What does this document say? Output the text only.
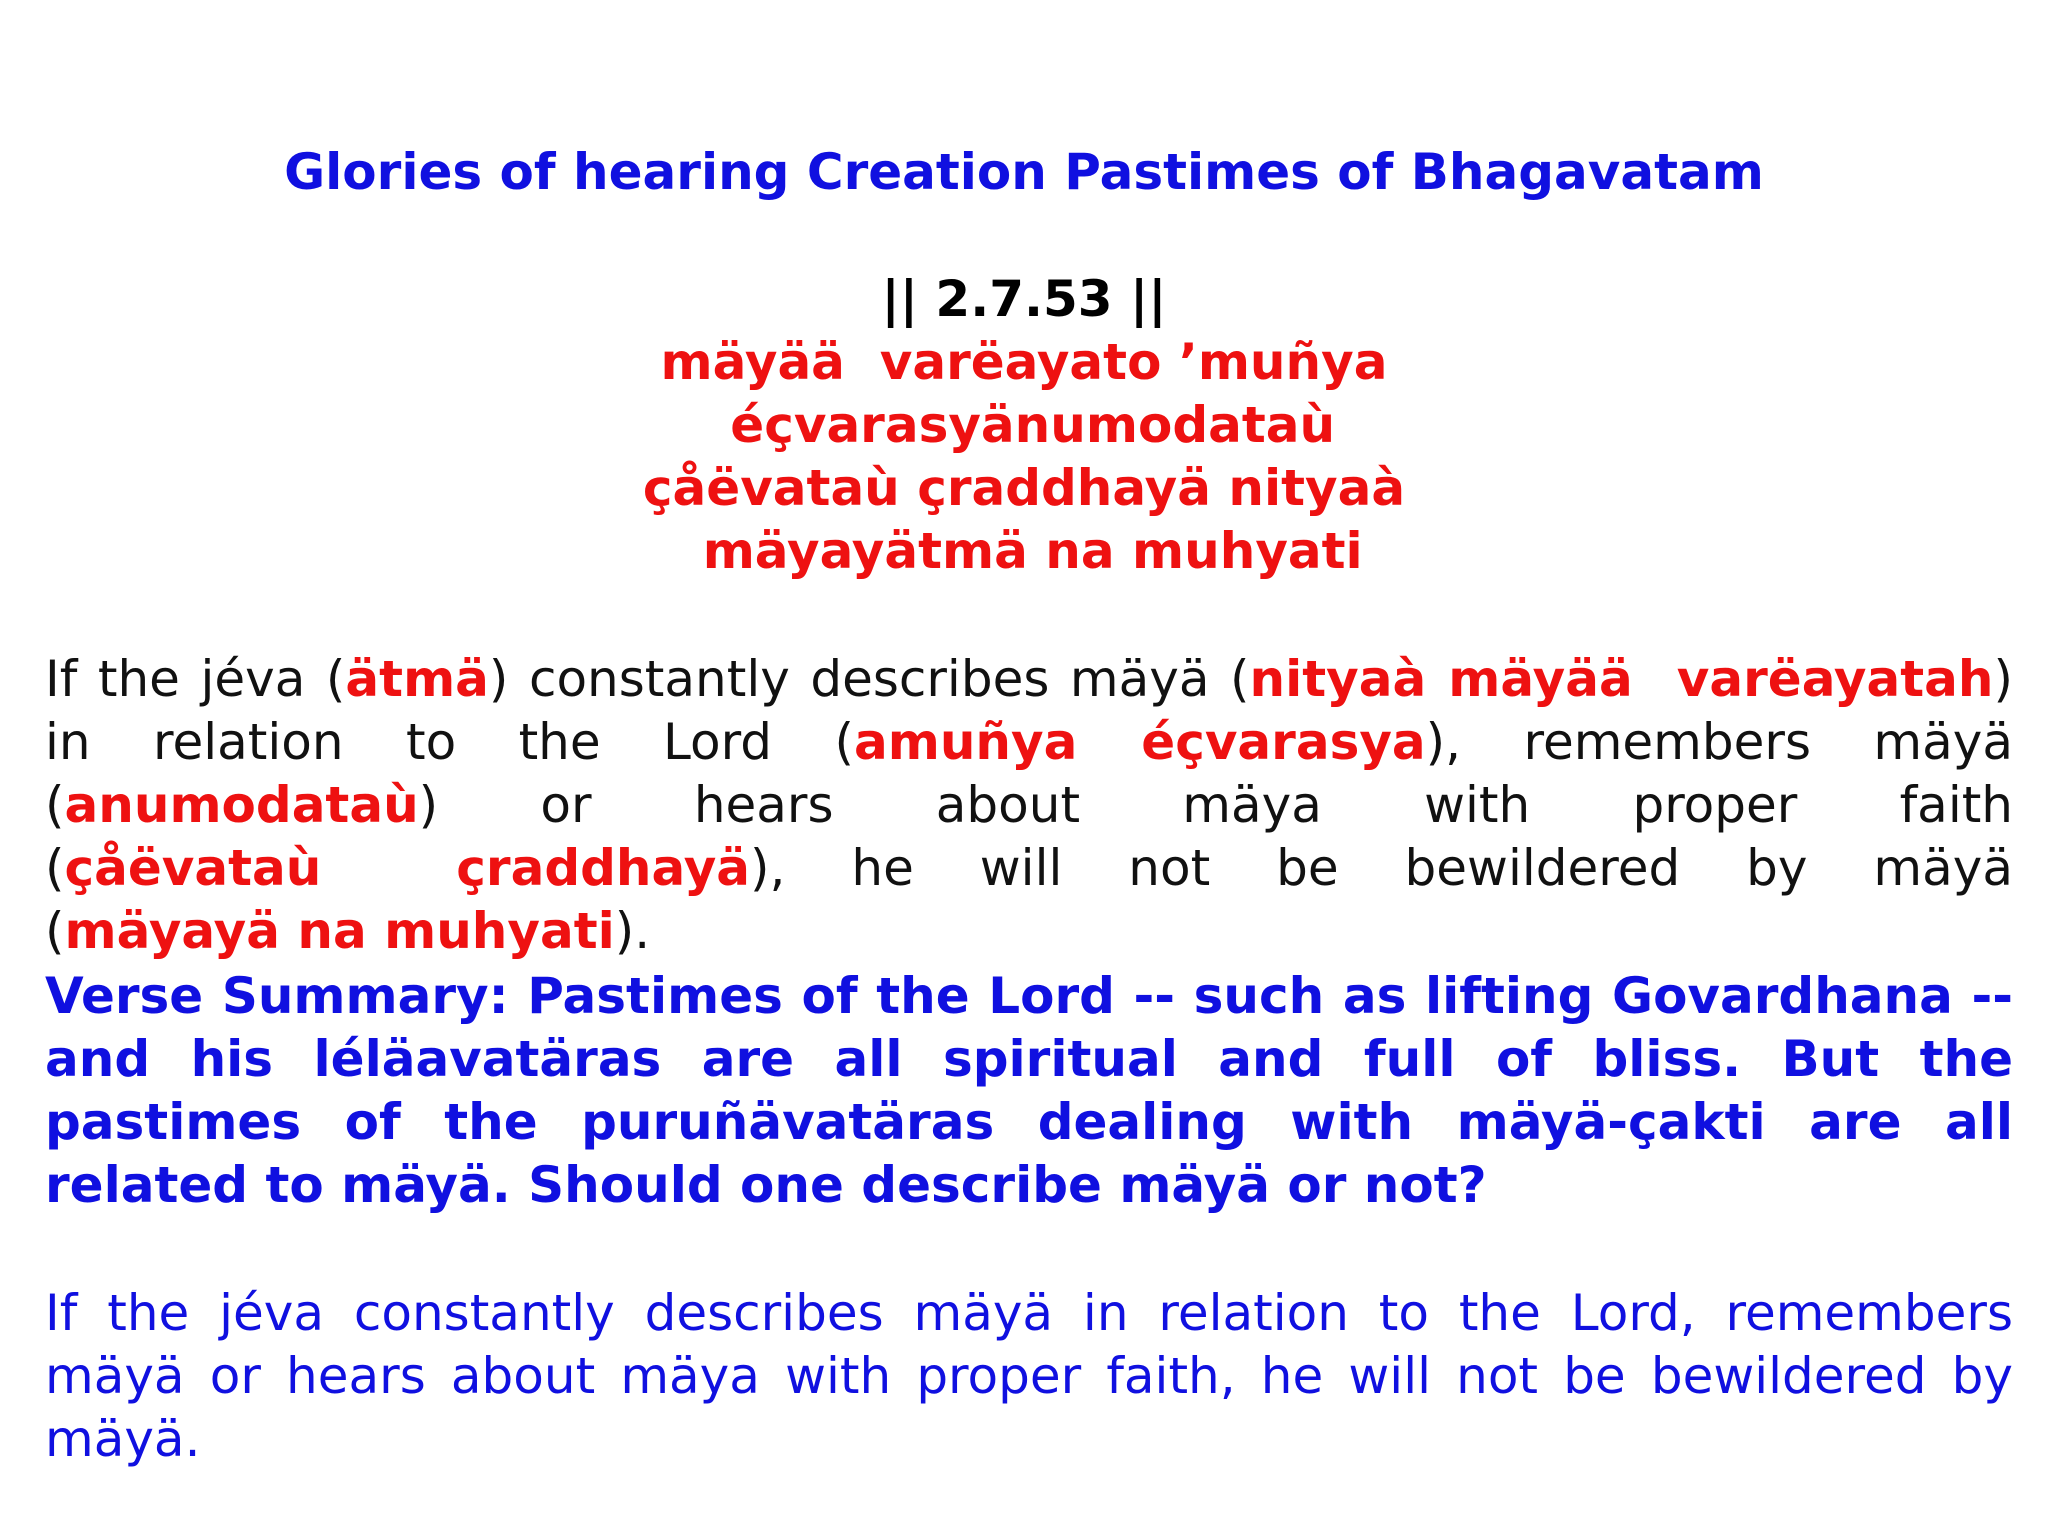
Glories of hearing Creation Pastimes of Bhagavatam
|| 2.7.53 ||
mäyää  varëayato ’muñya
éçvarasyänumodataù
çåëvataù çraddhayä nityaà
mäyayätmä na muhyati
If the jéva (ätmä) constantly describes mäyä (nityaà mäyää  varëayatah) in relation to the Lord (amuñya éçvarasya), remembers mäyä (anumodataù) or hears about mäya with proper faith (çåëvataù  çraddhayä), he will not be bewildered by mäyä (mäyayä na muhyati).
Verse Summary: Pastimes of the Lord -- such as lifting Govardhana -- and his léläavatäras are all spiritual and full of bliss. But the pastimes of the puruñävatäras dealing with mäyä-çakti are all related to mäyä. Should one describe mäyä or not?
If the jéva constantly describes mäyä in relation to the Lord, remembers mäyä or hears about mäya with proper faith, he will not be bewildered by mäyä.
